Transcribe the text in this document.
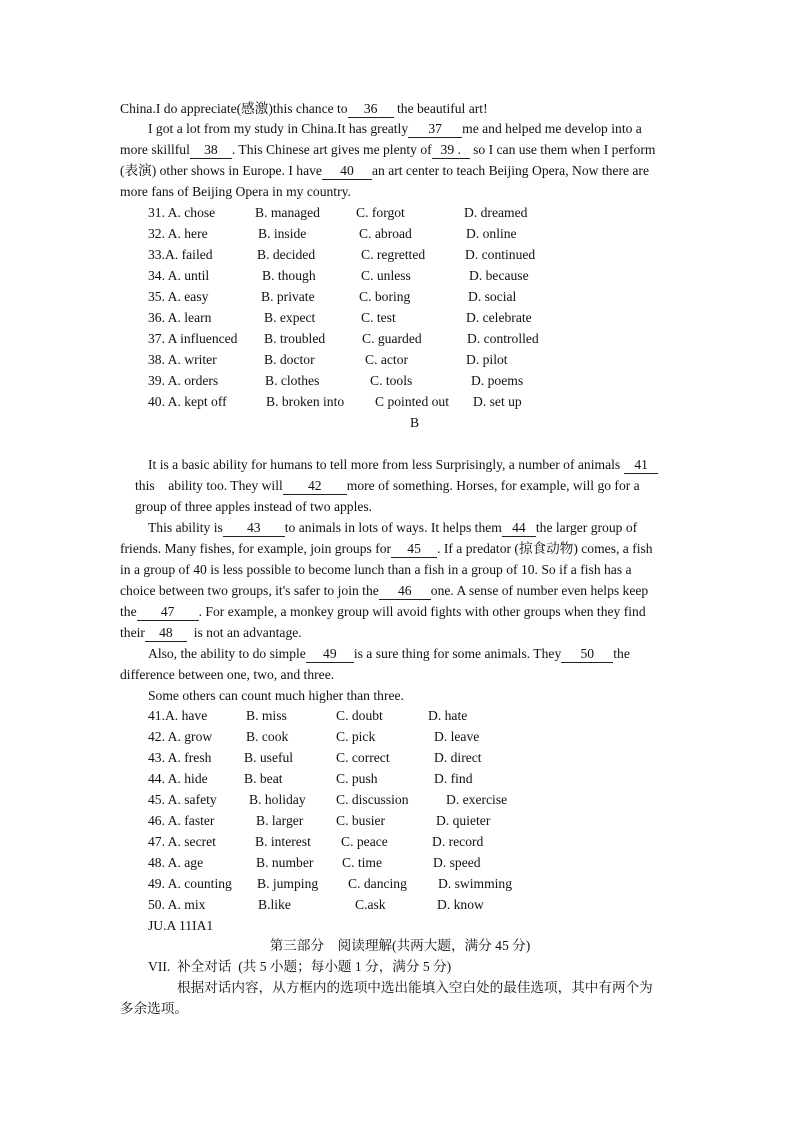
China.I do appreciate(感激)this chance to 36 the beautiful art!
I got a lot from my study in China.It has greatly 37 me and helped me develop into a
more skillful 38 . This Chinese art gives me plenty of 39 . so I can use them when I perform
(表演) other shows in Europe. I have 40 an art center to teach Beijing Opera, Now there are
more fans of Beijing Opera in my country.
31. A. chose	B. managed	C. forgot	D. dreamed
32. A. here	B. inside	C. abroad	D. online
33.A. failed	B. decided	C. regretted	D. continued
34. A. until	B. though	C. unless	D. because
35. A. easy	B. private	C. boring	D. social
36. A. learn	B. expect	C. test	D. celebrate
37. A influenced B. troubled	C. guarded	D. controlled
38. A. writer	B. doctor	C. actor	D. pilot
39. A. orders	B. clothes	C. tools	D. poems
40. A. kept off	B. broken into C pointed out D. set up
B
It is a basic ability for humans to tell more from less Surprisingly, a number of animals 41
this    ability too. They will 42 more of something. Horses, for example, will go for a
group of three apples instead of two apples.
This ability is 43 to animals in lots of ways. It helps them 44 the larger group of
friends. Many fishes, for example, join groups for 45 . If a predator (掠食动物) comes, a fish
in a group of 40 is less possible to become lunch than a fish in a group of 10. So if a fish has a
choice between two groups, it's safer to join the 46 one. A sense of number even helps keep
the 47 . For example, a monkey group will avoid fights with other groups when they find
their 48  is not an advantage.
Also, the ability to do simple 49 is a sure thing for some animals. They 50 the
difference between one, two, and three.
Some others can count much higher than three.
41.A. have	B. miss	C. doubt	D. hate
42. A. grow B. cook	C. pick	D. leave
43. A. fresh B. useful	C. correct	D. direct
44. A. hide	B. beat	C. push	D. find
45. A. safety B. holiday C. discussion	D. exercise
46. A. faster	B. larger C. busier	D. quieter
47. A. secret	B. interest C. peace	D. record
48. A. age	B. number C. time	D. speed
49. A. counting B. jumping C. dancing D. swimming
50. A. mix	B.like	C.ask	D. know
JU.A 11IA1
第三部分    阅读理解(共两大题，满分 45 分)
VII.  补全对话  (共 5 小题；每小题 1 分，满分 5 分)
根据对话内容，从方框内的选项中选出能填入空白处的最佳选项，其中有两个为
多余选项。
